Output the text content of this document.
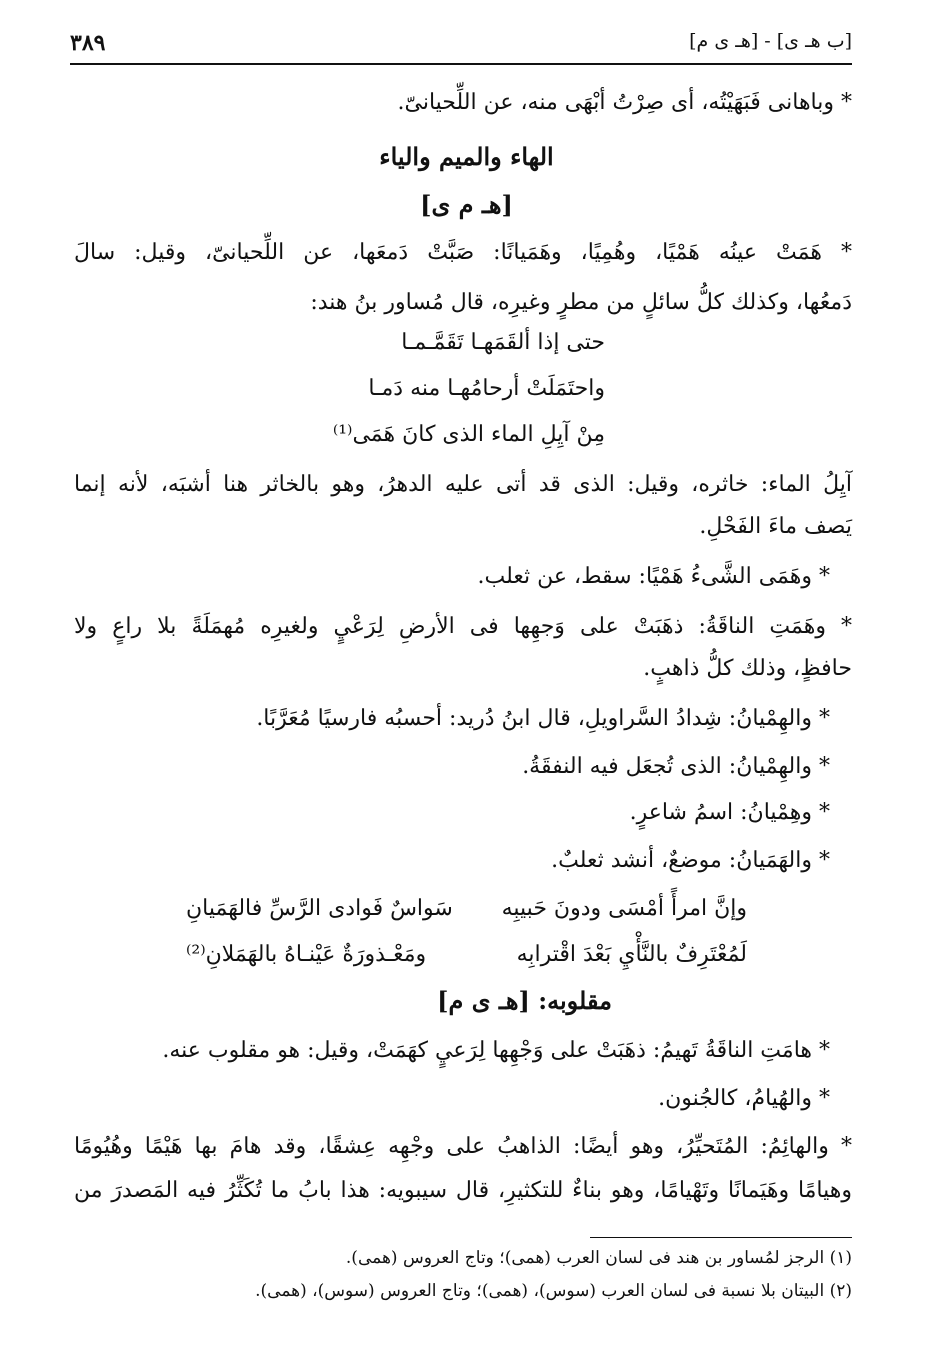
[ب هـ ى] - [هـ ى م]
٣٨٩
* وباهانى فَبَهَيْتُه، أى صِرْتُ أبْهَى منه، عن اللِّحيانىّ.
الهاء والميم والياء
[هـ م ى]
* هَمَتْ عينُه هَمْيًا، وهُمِيًا، وهَمَيانًا: صَبَّتْ دَمعَها، عن اللِّحيانىّ، وقيل: سالَ
دَمعُها، وكذلك كلُّ سائلٍ من مطرٍ وغيرِه، قال مُساور بنُ هند:
حتى إذا ألقَمَهـا تَقَمَّـمـا
واحتَمَلَتْ أرحامُهـا منه دَمـا
مِنْ آيِلِ الماء الذى كانَ هَمَى⁽¹⁾
آيِلُ الماء: خاثره، وقيل: الذى قد أتى عليه الدهرُ، وهو بالخاثر هنا أشبَه، لأنه إنما
يَصف ماءَ الفَحْلِ.
* وهَمَى الشَّىءُ هَمْيًا: سقط، عن ثعلب.
* وهَمَتِ الناقَةُ: ذهَبَتْ على وَجهِها فى الأرضِ لِرَعْيٍ ولغيرِه مُهمَلَةً بلا راعٍ ولا
حافظٍ، وذلك كلُّ ذاهبٍ.
* والهِمْيانُ: شِدادُ السَّراويلِ، قال ابنُ دُريد: أحسبُه فارسيًا مُعَرَّبًا.
* والهِمْيانُ: الذى تُجعَل فيه النفقَةُ.
* وهِمْيانُ: اسمُ شاعرٍ.
* والهَمَيانُ: موضعٌ، أنشد ثعلبٌ.
وإنَّ امرأً أمْسَى ودونَ حَبيبِه
سَواسٌ فَوادى الرَّسِّ فالهَمَيانِ
لَمُعْتَرِفٌ بالنَّأْيِ بَعْدَ اقْترابِه
ومَعْـذورَةٌ عَيْنـاهُ بالهَمَلانِ⁽²⁾
مقلوبه: [هـ ى م]
* هامَتِ الناقَةُ تَهيمُ: ذهَبَتْ على وَجْهِها لِرَعيٍ كهَمَتْ، وقيل: هو مقلوب عنه.
* والهُيامُ، كالجُنون.
* والهائِمُ: المُتَحيِّرُ، وهو أيضًا: الذاهبُ على وجْهِه عِشقًا، وقد هامَ بها هَيْمًا وهُيُومًا
وهيامًا وهَيَمانًا وتَهْيامًا، وهو بناءٌ للتكثيرِ، قال سيبويه: هذا بابُ ما تُكَثِّرُ فيه المَصدرَ من
(١) الرجز لمُساور بن هند فى لسان العرب (همى)؛ وتاج العروس (همى).
(٢) البيتان بلا نسبة فى لسان العرب (سوس)، (همى)؛ وتاج العروس (سوس)، (همى).
